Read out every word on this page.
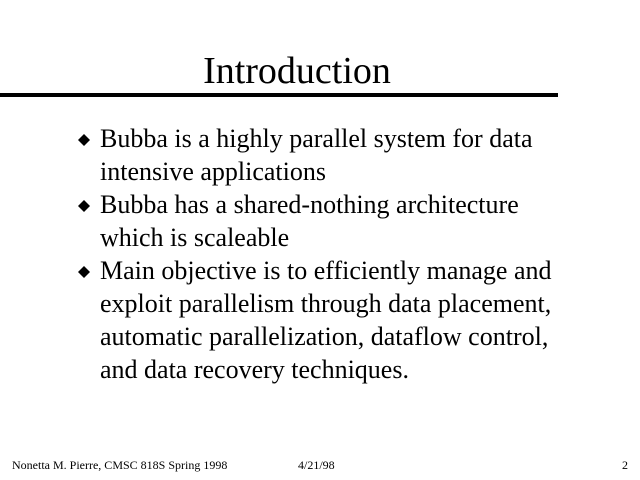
Introduction
Bubba is a highly parallel system for data
intensive applications
Bubba has a shared-nothing architecture
which is scaleable
Main objective is to efficiently manage and
exploit parallelism through data placement,
automatic parallelization, dataflow control,
and data recovery techniques.
Nonetta M. Pierre, CMSC 818S Spring 1998	4/21/98	2
